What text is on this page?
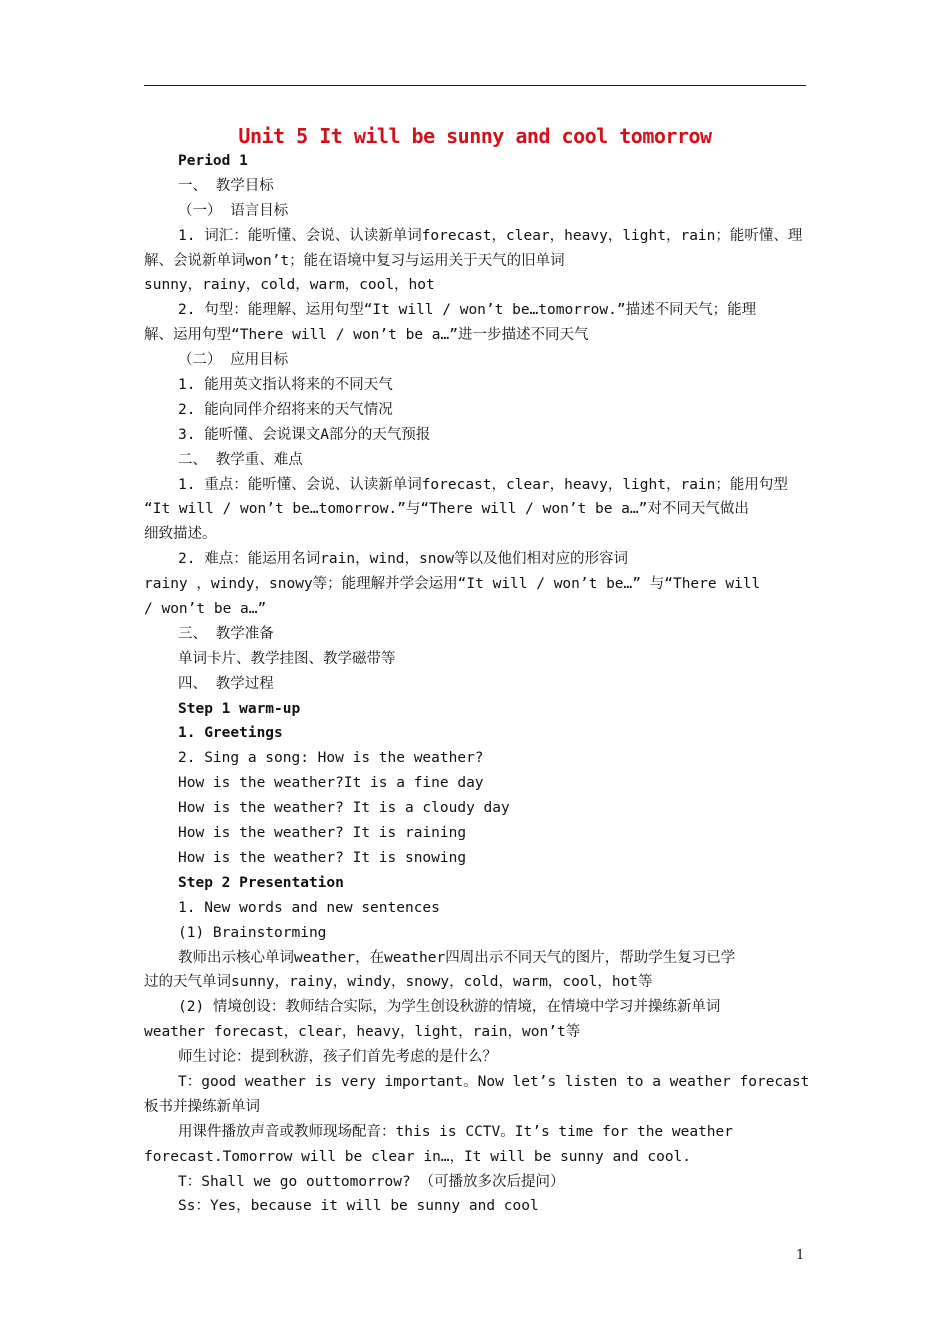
Unit 5 It will be sunny and cool tomorrow
Period 1
一、 教学目标
（一） 语言目标
1. 词汇：能听懂、会说、认读新单词forecast，clear，heavy，light，rain；能听懂、理
解、会说新单词won’t；能在语境中复习与运用关于天气的旧单词
sunny，rainy，cold，warm，cool，hot
2. 句型：能理解、运用句型“It will / won’t be…tomorrow.”描述不同天气；能理
解、运用句型“There will / won’t be a…”进一步描述不同天气
（二） 应用目标
1. 能用英文指认将来的不同天气
2. 能向同伴介绍将来的天气情况
3. 能听懂、会说课文A部分的天气预报
二、 教学重、难点
1. 重点：能听懂、会说、认读新单词forecast，clear，heavy，light，rain；能用句型
“It will / won’t be…tomorrow.”与“There will / won’t be a…”对不同天气做出
细致描述。
2. 难点：能运用名词rain，wind，snow等以及他们相对应的形容词
rainy ，windy，snowy等；能理解并学会运用“It will / won’t be…” 与“There will
/ won’t be a…”
三、 教学准备
单词卡片、教学挂图、教学磁带等
四、 教学过程
Step 1 warm-up
1. Greetings
2. Sing a song: How is the weather?
How is the weather?It is a fine day
How is the weather? It is a cloudy day
How is the weather? It is raining
How is the weather? It is snowing
Step 2 Presentation
1. New words and new sentences
(1) Brainstorming
教师出示核心单词weather，在weather四周出示不同天气的图片，帮助学生复习已学
过的天气单词sunny，rainy，windy，snowy，cold，warm，cool，hot等
(2) 情境创设：教师结合实际，为学生创设秋游的情境，在情境中学习并操练新单词
weather forecast，clear，heavy，light，rain，won’t等
师生讨论：提到秋游，孩子们首先考虑的是什么？
T：good weather is very important。Now let’s listen to a weather forecast
板书并操练新单词
用课件播放声音或教师现场配音：this is CCTV。It’s time for the weather
forecast.Tomorrow will be clear in…，It will be sunny and cool.
T：Shall we go outtomorrow? （可播放多次后提问）
Ss：Yes，because it will be sunny and cool
1
